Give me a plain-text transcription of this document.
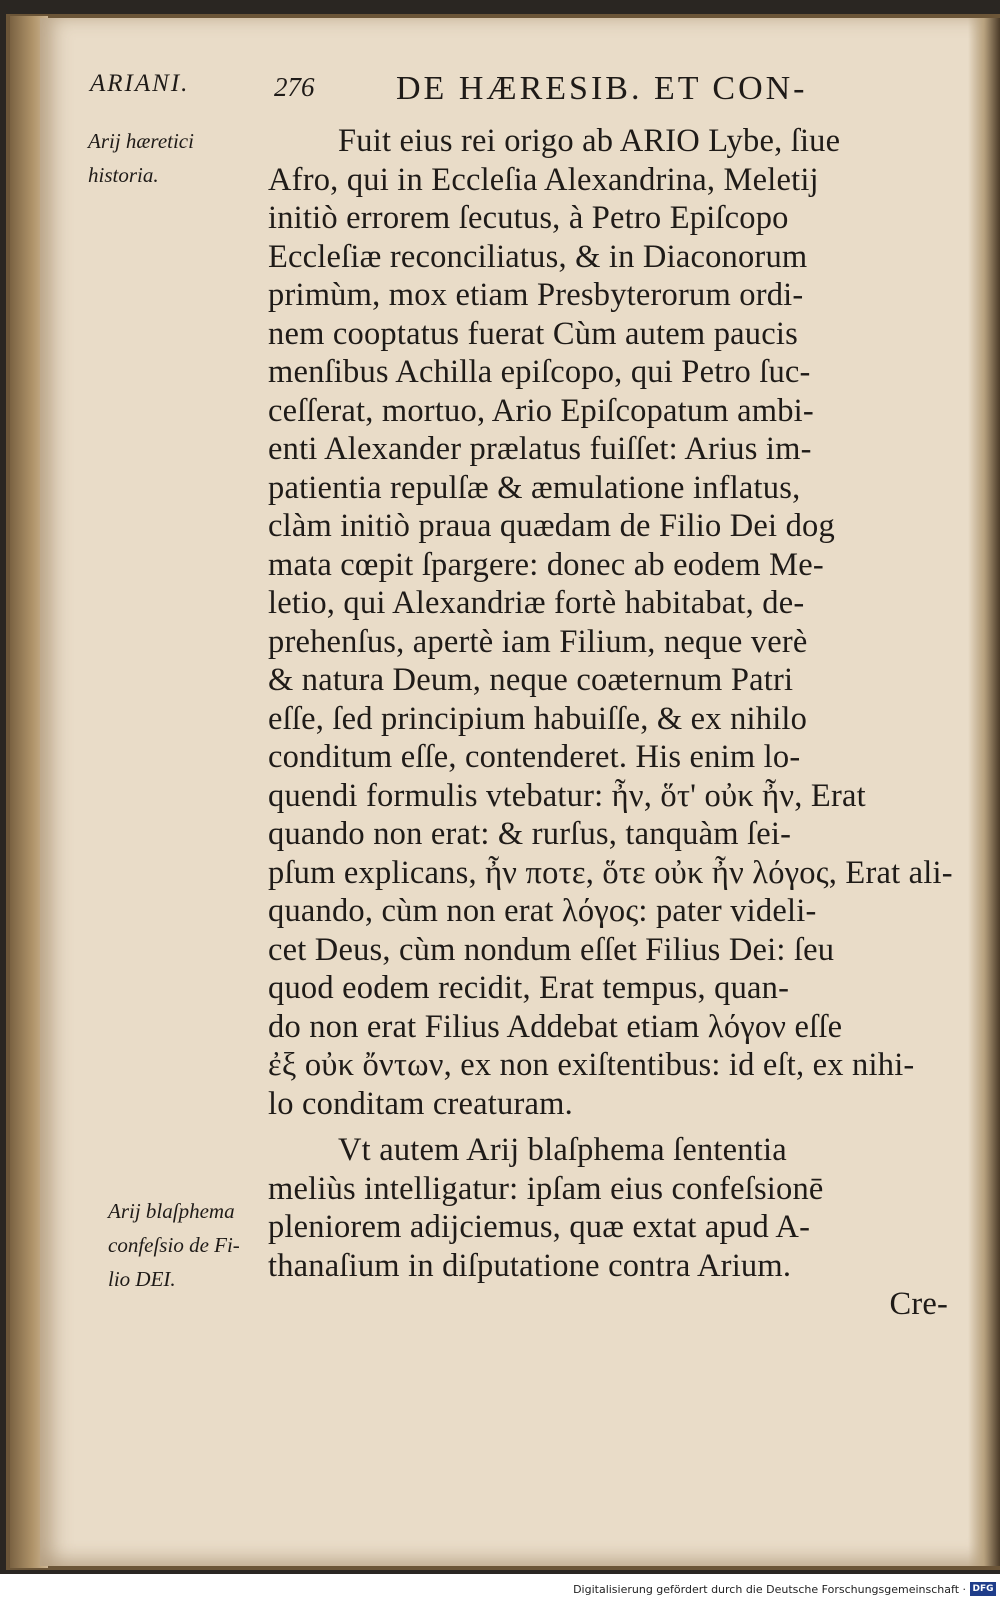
ARIANI.	276 DE HÆRESIB. ET CON-
Arij hæretici
historia.
Arij blaſphema
confeſsio de Fi-
lio DEI.
Fuit eius rei origo ab ARIO Lybe, ſiue
Afro, qui in Eccleſia Alexandrina, Meletij
initiò errorem ſecutus, à Petro Epiſcopo
Eccleſiæ reconciliatus, & in Diaconorum
primùm, mox etiam Presbyterorum ordi-
nem cooptatus fuerat Cùm autem paucis
menſibus Achilla epiſcopo, qui Petro ſuc-
ceſſerat, mortuo, Ario Epiſcopatum ambi-
enti Alexander prælatus fuiſſet: Arius im-
patientia repulſæ & æmulatione inflatus,
clàm initiò praua quædam de Filio Dei dog
mata cœpit ſpargere: donec ab eodem Me-
letio, qui Alexandriæ fortè habitabat, de-
prehenſus, apertè iam Filium, neque verè
& natura Deum, neque coæternum Patri
eſſe, ſed principium habuiſſe, & ex nihilo
conditum eſſe, contenderet. His enim lo-
quendi formulis vtebatur: ἦν, ὅτ' οὐκ ἦν, Erat
quando non erat: & rurſus, tanquàm ſei-
pſum explicans, ἦν ποτε, ὅτε οὐκ ἦν λόγος, Erat ali-
quando, cùm non erat λόγος: pater videli-
cet Deus, cùm nondum eſſet Filius Dei: ſeu
quod eodem recidit, Erat tempus, quan-
do non erat Filius Addebat etiam λόγον eſſe
ἐξ οὐκ ὄντων, ex non exiſtentibus: id eſt, ex nihi-
lo conditam creaturam.
Vt autem Arij blaſphema ſententia
meliùs intelligatur: ipſam eius confeſsionē
pleniorem adijciemus, quæ extat apud A-
thanaſium in diſputatione contra Arium.
Cre-
Digitalisierung gefördert durch die Deutsche Forschungsgemeinschaft · DFG
